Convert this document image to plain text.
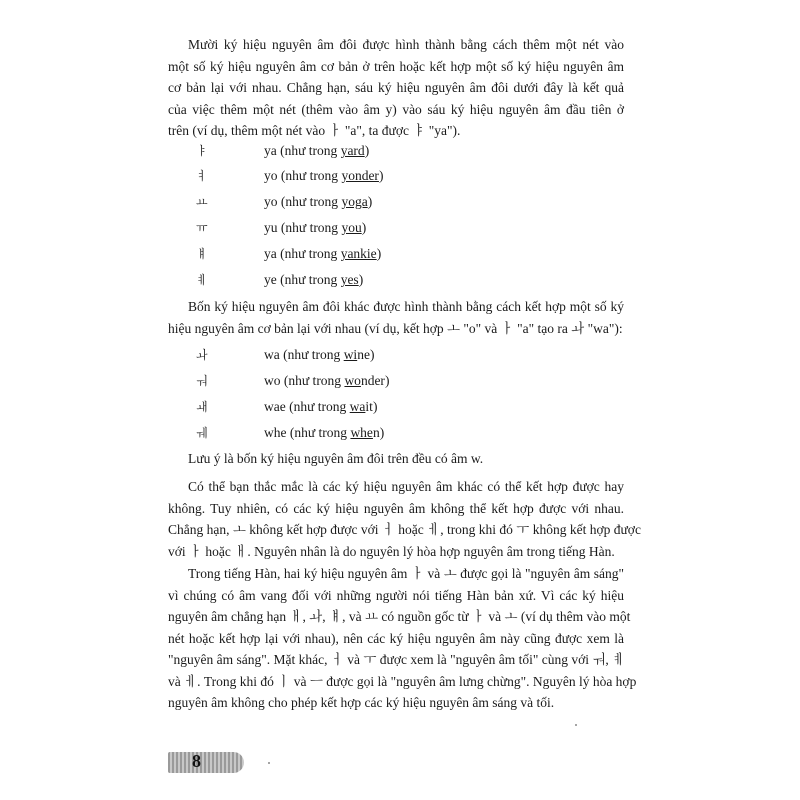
Mười ký hiệu nguyên âm đôi được hình thành bằng cách thêm một nét vào
một số ký hiệu nguyên âm cơ bản ở trên hoặc kết hợp một số ký hiệu nguyên âm
cơ bản lại với nhau. Chẳng hạn, sáu ký hiệu nguyên âm đôi dưới đây là kết quả
của việc thêm một nét (thêm vào âm y) vào sáu ký hiệu nguyên âm đầu tiên ở
trên (ví dụ, thêm một nét vào ㅏ "a", ta được ㅑ "ya").
ㅑ	ya (như trong yard)
ㅕ	yo (như trong yonder)
ㅛ	yo (như trong yoga)
ㅠ	yu (như trong you)
ㅒ	ya (như trong yankie)
ㅖ	ye (như trong yes)
Bốn ký hiệu nguyên âm đôi khác được hình thành bằng cách kết hợp một số ký
hiệu nguyên âm cơ bản lại với nhau (ví dụ, kết hợp ㅗ "o" và ㅏ "a" tạo ra ㅘ "wa"):
ㅘ	wa (như trong wine)
ㅝ	wo (như trong wonder)
ㅙ	wae (như trong wait)
ㅞ	whe (như trong when)
Lưu ý là bốn ký hiệu nguyên âm đôi trên đều có âm w.
Có thể bạn thắc mắc là các ký hiệu nguyên âm khác có thể kết hợp được hay
không. Tuy nhiên, có các ký hiệu nguyên âm không thể kết hợp được với nhau.
Chẳng hạn, ㅗ không kết hợp được với ㅓ hoặc ㅔ, trong khi đó ㅜ không kết hợp được
với ㅏ hoặc ㅐ. Nguyên nhân là do nguyên lý hòa hợp nguyên âm trong tiếng Hàn.
Trong tiếng Hàn, hai ký hiệu nguyên âm ㅏ và ㅗ được gọi là "nguyên âm sáng"
vì chúng có âm vang đối với những người nói tiếng Hàn bản xứ. Vì các ký hiệu
nguyên âm chẳng hạn ㅐ, ㅘ, ㅒ, và ㅛ có nguồn gốc từ ㅏ và ㅗ (ví dụ thêm vào một
nét hoặc kết hợp lại với nhau), nên các ký hiệu nguyên âm này cũng được xem là
"nguyên âm sáng". Mặt khác, ㅓ và ㅜ được xem là "nguyên âm tối" cùng với ㅝ, ㅖ
và ㅔ. Trong khi đó ㅣ và ㅡ được gọi là "nguyên âm lưng chừng". Nguyên lý hòa hợp
nguyên âm không cho phép kết hợp các ký hiệu nguyên âm sáng và tối.
8
